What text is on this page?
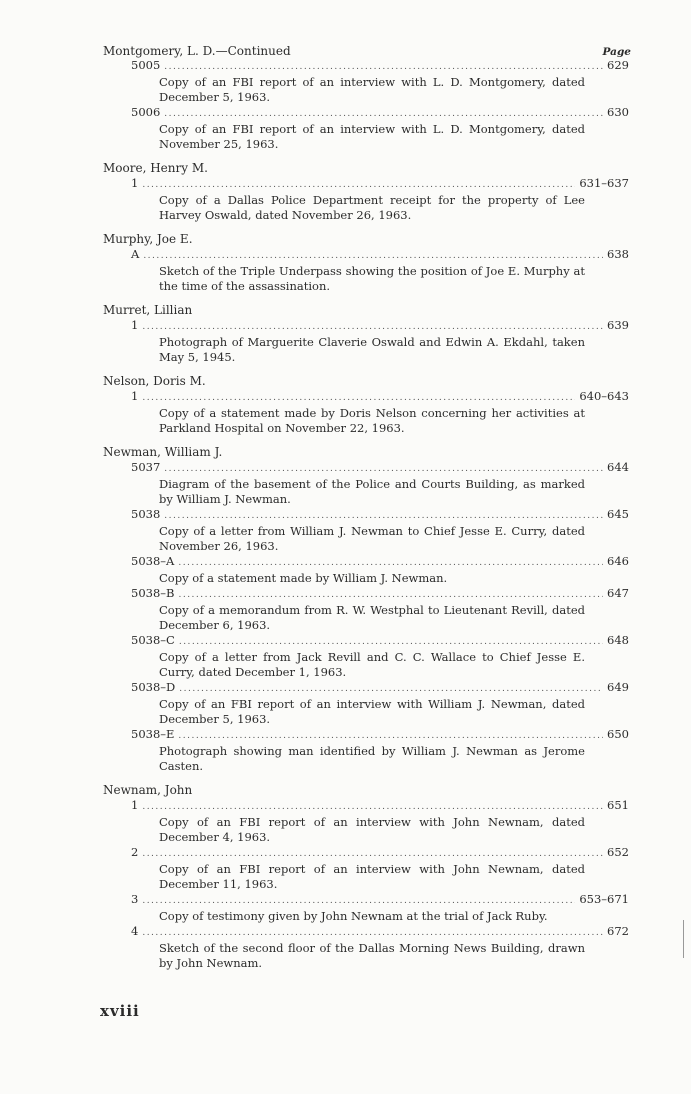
Montgomery, L. D.—Continued	Page
5005 .....	629
Copy of an FBI report of an interview with L. D. Montgomery, dated December 5, 1963.
5006 .....	630
Copy of an FBI report of an interview with L. D. Montgomery, dated November 25, 1963.
Moore, Henry M.
1 .....	631–637
Copy of a Dallas Police Department receipt for the property of Lee Harvey Oswald, dated November 26, 1963.
Murphy, Joe E.
A .....	638
Sketch of the Triple Underpass showing the position of Joe E. Murphy at the time of the assassination.
Murret, Lillian
1 .....	639
Photograph of Marguerite Claverie Oswald and Edwin A. Ekdahl, taken May 5, 1945.
Nelson, Doris M.
1 .....	640–643
Copy of a statement made by Doris Nelson concerning her activities at Parkland Hospital on November 22, 1963.
Newman, William J.
5037 .....	644
Diagram of the basement of the Police and Courts Building, as marked by William J. Newman.
5038 .....	645
Copy of a letter from William J. Newman to Chief Jesse E. Curry, dated November 26, 1963.
5038–A .....	646
Copy of a statement made by William J. Newman.
5038–B .....	647
Copy of a memorandum from R. W. Westphal to Lieutenant Revill, dated December 6, 1963.
5038–C .....	648
Copy of a letter from Jack Revill and C. C. Wallace to Chief Jesse E. Curry, dated December 1, 1963.
5038–D .....	649
Copy of an FBI report of an interview with William J. Newman, dated December 5, 1963.
5038–E .....	650
Photograph showing man identified by William J. Newman as Jerome Casten.
Newnam, John
1 .....	651
Copy of an FBI report of an interview with John Newnam, dated December 4, 1963.
2 .....	652
Copy of an FBI report of an interview with John Newnam, dated December 11, 1963.
3 .....	653–671
Copy of testimony given by John Newnam at the trial of Jack Ruby.
4 .....	672
Sketch of the second floor of the Dallas Morning News Building, drawn by John Newnam.
xviii
